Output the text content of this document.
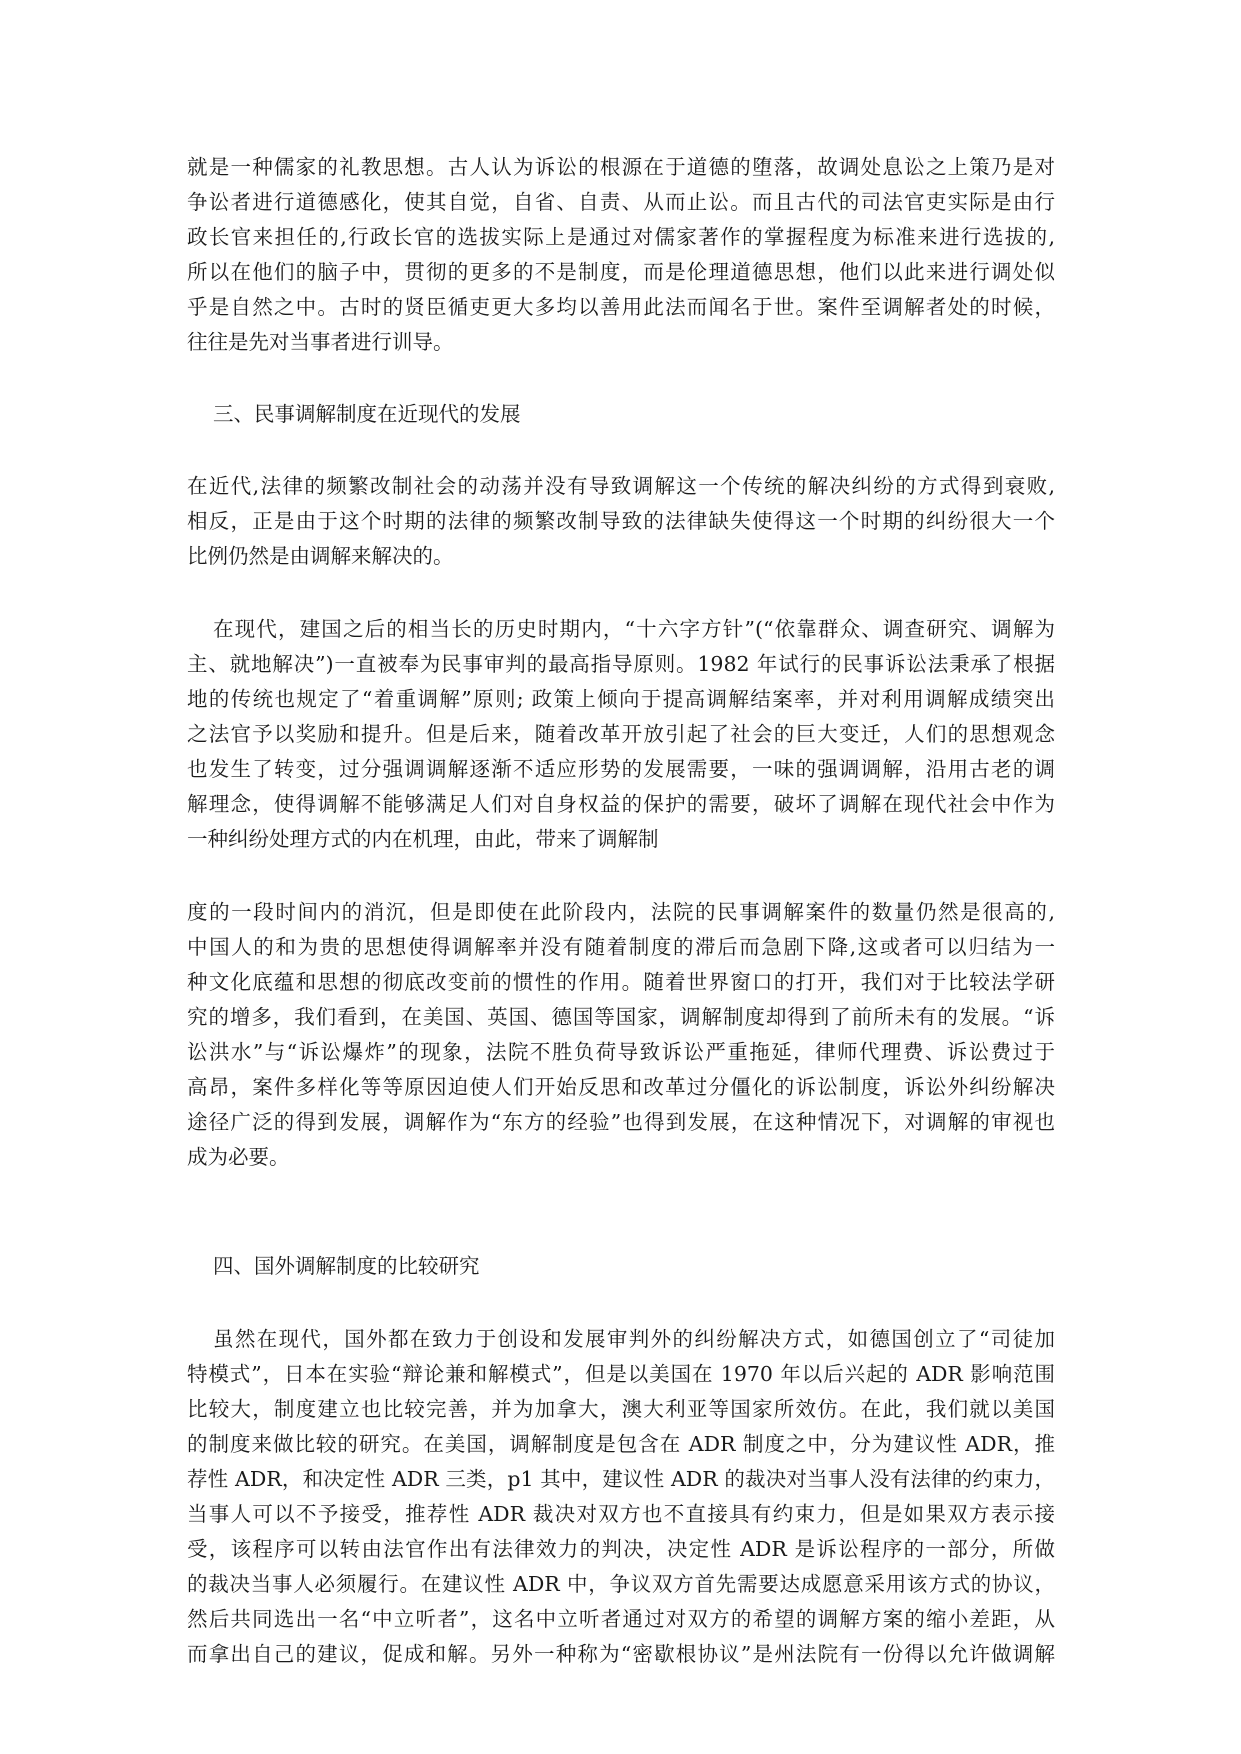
就是一种儒家的礼教思想。古人认为诉讼的根源在于道德的堕落，故调处息讼之上策乃是对
争讼者进行道德感化，使其自觉，自省、自责、从而止讼。而且古代的司法官吏实际是由行
政长官来担任的,行政长官的选拔实际上是通过对儒家著作的掌握程度为标准来进行选拔的,
所以在他们的脑子中，贯彻的更多的不是制度，而是伦理道德思想，他们以此来进行调处似
乎是自然之中。古时的贤臣循吏更大多均以善用此法而闻名于世。案件至调解者处的时候，
往往是先对当事者进行训导。
三、民事调解制度在近现代的发展
在近代,法律的频繁改制社会的动荡并没有导致调解这一个传统的解决纠纷的方式得到衰败,
相反，正是由于这个时期的法律的频繁改制导致的法律缺失使得这一个时期的纠纷很大一个
比例仍然是由调解来解决的。
在现代，建国之后的相当长的历史时期内，“十六字方针”(“依靠群众、调查研究、调解为
主、就地解决”)一直被奉为民事审判的最高指导原则。1982 年试行的民事诉讼法秉承了根据
地的传统也规定了“着重调解”原则; 政策上倾向于提高调解结案率，并对利用调解成绩突出
之法官予以奖励和提升。但是后来，随着改革开放引起了社会的巨大变迁，人们的思想观念
也发生了转变，过分强调调解逐渐不适应形势的发展需要，一味的强调调解，沿用古老的调
解理念，使得调解不能够满足人们对自身权益的保护的需要，破坏了调解在现代社会中作为
一种纠纷处理方式的内在机理，由此，带来了调解制
度的一段时间内的消沉，但是即使在此阶段内，法院的民事调解案件的数量仍然是很高的,
中国人的和为贵的思想使得调解率并没有随着制度的滞后而急剧下降,这或者可以归结为一
种文化底蕴和思想的彻底改变前的惯性的作用。随着世界窗口的打开，我们对于比较法学研
究的增多，我们看到，在美国、英国、德国等国家，调解制度却得到了前所未有的发展。“诉
讼洪水”与“诉讼爆炸”的现象，法院不胜负荷导致诉讼严重拖延，律师代理费、诉讼费过于
高昂，案件多样化等等原因迫使人们开始反思和改革过分僵化的诉讼制度，诉讼外纠纷解决
途径广泛的得到发展，调解作为“东方的经验”也得到发展，在这种情况下，对调解的审视也
成为必要。
四、国外调解制度的比较研究
虽然在现代，国外都在致力于创设和发展审判外的纠纷解决方式，如德国创立了“司徒加
特模式”，日本在实验“辩论兼和解模式”，但是以美国在 1970 年以后兴起的 ADR 影响范围
比较大，制度建立也比较完善，并为加拿大，澳大利亚等国家所效仿。在此，我们就以美国
的制度来做比较的研究。在美国，调解制度是包含在 ADR 制度之中，分为建议性 ADR，推
荐性 ADR，和决定性 ADR 三类，p1 其中，建议性 ADR 的裁决对当事人没有法律的约束力，
当事人可以不予接受，推荐性 ADR 裁决对双方也不直接具有约束力，但是如果双方表示接
受，该程序可以转由法官作出有法律效力的判决，决定性 ADR 是诉讼程序的一部分，所做
的裁决当事人必须履行。在建议性 ADR 中，争议双方首先需要达成愿意采用该方式的协议，
然后共同选出一名“中立听者”，这名中立听者通过对双方的希望的调解方案的缩小差距，从
而拿出自己的建议，促成和解。另外一种称为“密歇根协议”是州法院有一份得以允许做调解
